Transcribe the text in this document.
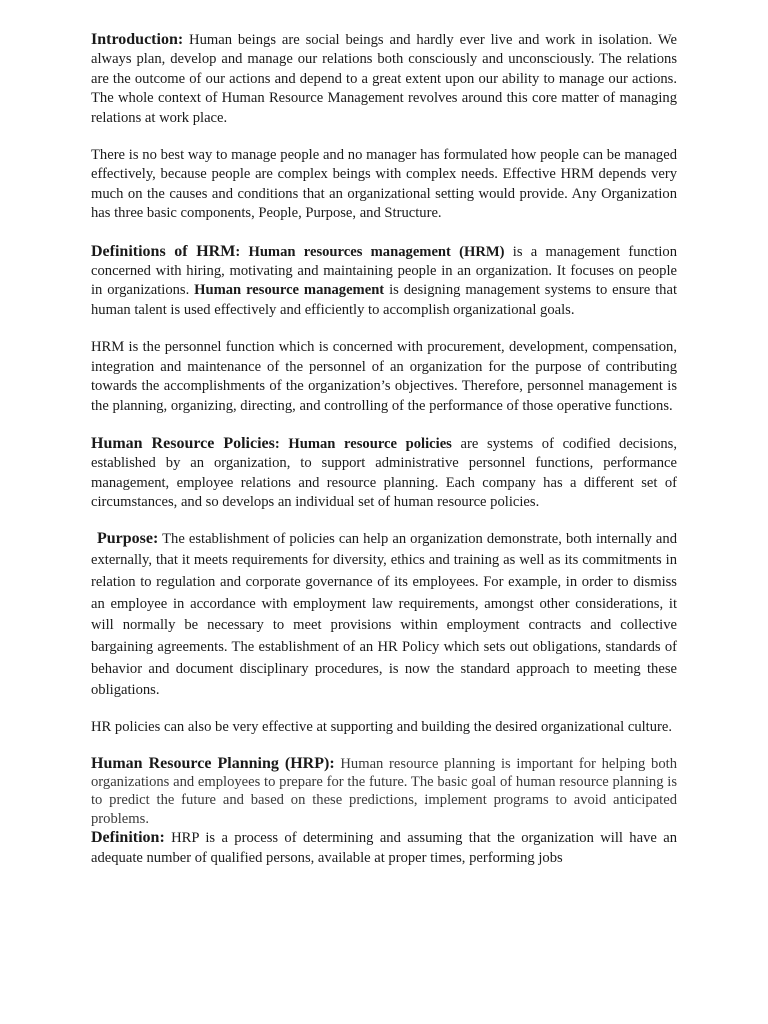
Introduction: Human beings are social beings and hardly ever live and work in isolation. We always plan, develop and manage our relations both consciously and unconsciously. The relations are the outcome of our actions and depend to a great extent upon our ability to manage our actions. The whole context of Human Resource Management revolves around this core matter of managing relations at work place.

There is no best way to manage people and no manager has formulated how people can be managed effectively, because people are complex beings with complex needs. Effective HRM depends very much on the causes and conditions that an organizational setting would provide. Any Organization has three basic components, People, Purpose, and Structure.

Definitions of HRM: Human resources management (HRM) is a management function concerned with hiring, motivating and maintaining people in an organization. It focuses on people in organizations. Human resource management is designing management systems to ensure that human talent is used effectively and efficiently to accomplish organizational goals.

HRM is the personnel function which is concerned with procurement, development, compensation, integration and maintenance of the personnel of an organization for the purpose of contributing towards the accomplishments of the organization’s objectives. Therefore, personnel management is the planning, organizing, directing, and controlling of the performance of those operative functions.

Human Resource Policies: Human resource policies are systems of codified decisions, established by an organization, to support administrative personnel functions, performance management, employee relations and resource planning. Each company has a different set of circumstances, and so develops an individual set of human resource policies.

Purpose: The establishment of policies can help an organization demonstrate, both internally and externally, that it meets requirements for diversity, ethics and training as well as its commitments in relation to regulation and corporate governance of its employees. For example, in order to dismiss an employee in accordance with employment law requirements, amongst other considerations, it will normally be necessary to meet provisions within employment contracts and collective bargaining agreements. The establishment of an HR Policy which sets out obligations, standards of behavior and document disciplinary procedures, is now the standard approach to meeting these obligations.

HR policies can also be very effective at supporting and building the desired organizational culture.

Human Resource Planning (HRP): Human resource planning is important for helping both organizations and employees to prepare for the future. The basic goal of human resource planning is to predict the future and based on these predictions, implement programs to avoid anticipated problems.

Definition: HRP is a process of determining and assuming that the organization will have an adequate number of qualified persons, available at proper times, performing jobs
